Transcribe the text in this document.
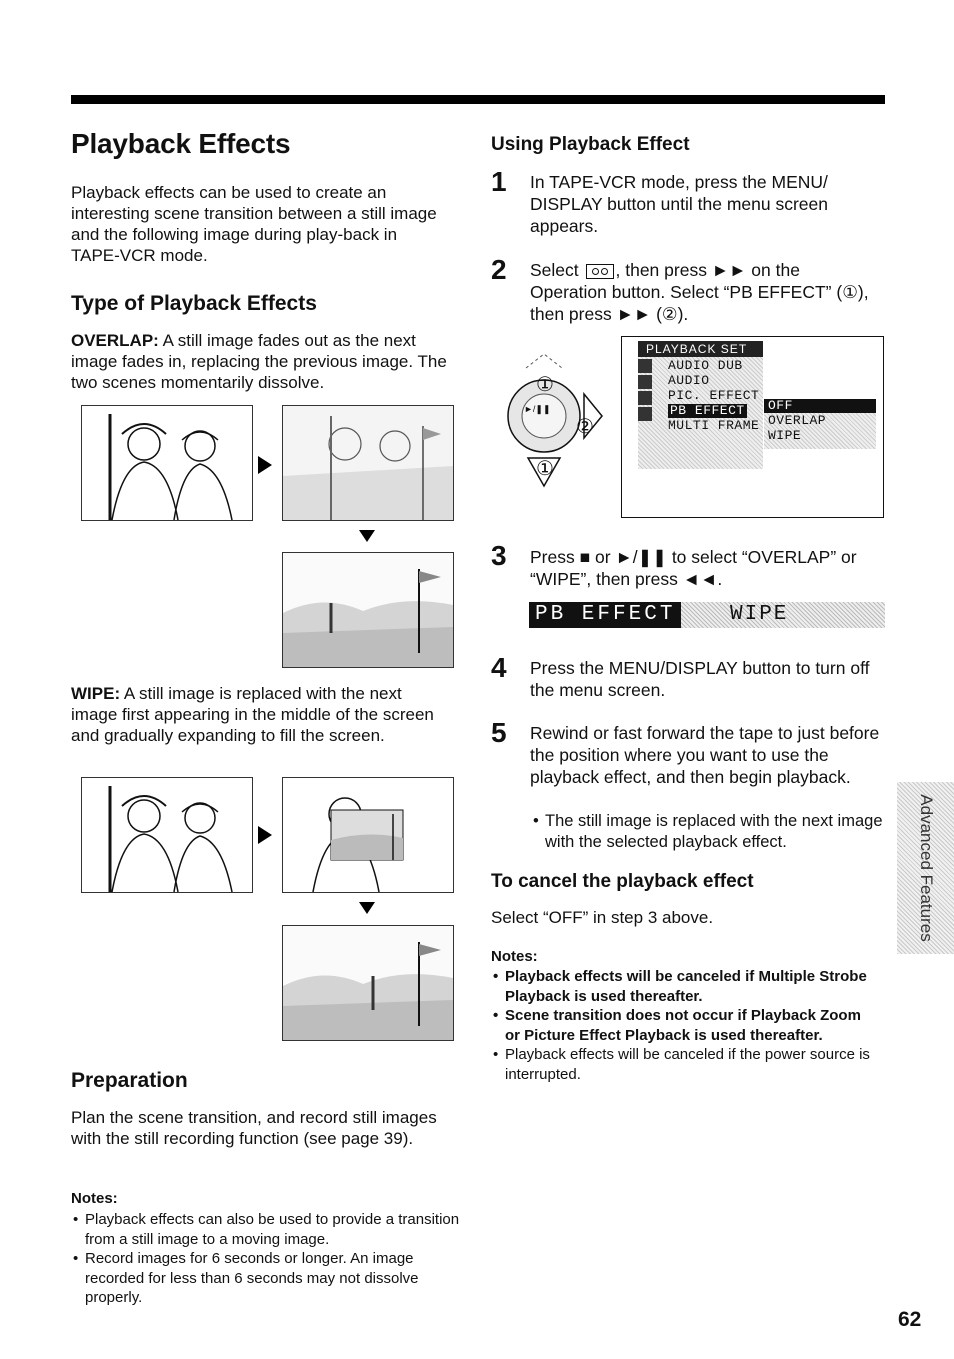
Playback Effects

Playback effects can be used to create an interesting scene transition between a still image and the following image during play-back in TAPE-VCR mode.

Type of Playback Effects

OVERLAP: A still image fades out as the next image fades in, replacing the previous image. The two scenes momentarily dissolve.

WIPE: A still image is replaced with the next image first appearing in the middle of the screen and gradually expanding to fill the screen.

Preparation

Plan the scene transition, and record still images with the still recording function (see page 39).

Notes:
• Playback effects can also be used to provide a transition from a still image to a moving image.
• Record images for 6 seconds or longer. An image recorded for less than 6 seconds may not dissolve properly.
Using Playback Effect
1 In TAPE-VCR mode, press the MENU/ DISPLAY button until the menu screen appears.
2 Select
, then press ►► on the Operation button. Select “PB EFFECT” (①), then press ►► (②).
①
►/❚❚
②
①
PLAYBACK SET
AUDIO DUB
AUDIO
PIC. EFFECT
PB EFFECT
MULTI FRAME
OFF
OVERLAP
WIPE
3 Press ■ or ►/❚❚ to select “OVERLAP” or “WIPE”, then press ◄◄.
PB EFFECT	WIPE
4 Press the MENU/DISPLAY button to turn off the menu screen.
5 Rewind or fast forward the tape to just before the position where you want to use the playback effect, and then begin playback.
• The still image is replaced with the next image with the selected playback effect.
To cancel the playback effect

Select “OFF” in step 3 above.

Notes:
• Playback effects will be canceled if Multiple Strobe Playback is used thereafter.
• Scene transition does not occur if Playback Zoom or Picture Effect Playback is used thereafter.
• Playback effects will be canceled if the power source is interrupted.
Advanced Features
62
